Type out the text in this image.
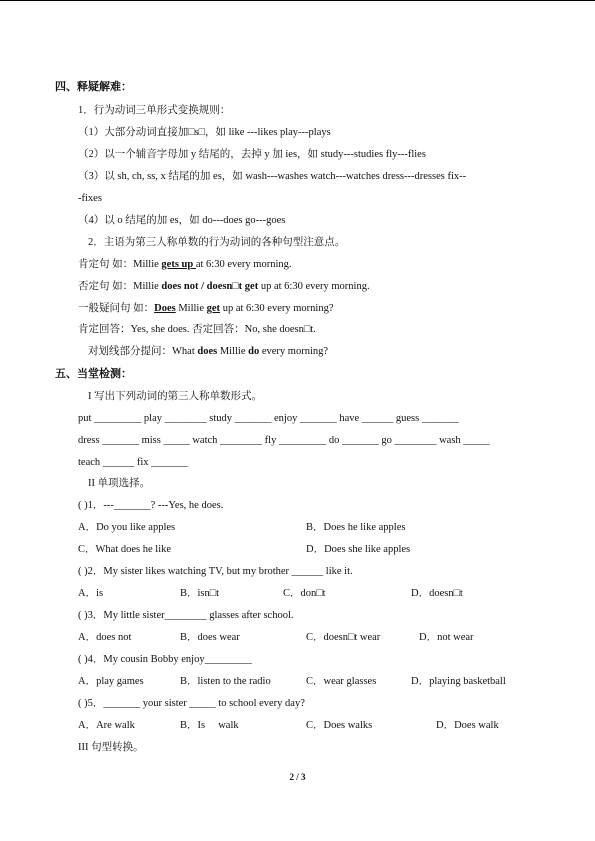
四、释疑解难：
1．行为动词三单形式变换规则：
（1）大部分动词直接加□s□，如 like ---likes play---plays
（2）以一个辅音字母加 y 结尾的，去掉 y 加 ies，如 study---studies fly---flies
（3）以 sh, ch, ss, x 结尾的加 es，如 wash---washes watch---watches dress---dresses fix--
-fixes
（4）以 o 结尾的加 es，如 do---does go---goes
2．主语为第三人称单数的行为动词的各种句型注意点。
肯定句 如：Millie gets up at 6:30 every morning.
否定句 如：Millie does not / doesn□t get up at 6:30 every morning.
一般疑问句 如：Does Millie get up at 6:30 every morning?
肯定回答：Yes, she does. 否定回答：No, she doesn□t.
对划线部分提问：What does Millie do every morning?
五、当堂检测：
I 写出下列动词的第三人称单数形式。
put _________ play ________ study _______ enjoy _______ have ______ guess _______
dress _______ miss _____ watch ________ fly _________ do _______ go ________ wash _____
teach ______ fix _______
II 单项选择。
( )1．---_______? ---Yes, he does.
A．Do you like apples	B．Does he like apples
C．What does he like	D．Does she like apples
( )2．My sister likes watching TV, but my brother ______ like it.
A．is	B．isn□t	C．don□t	D．doesn□t
( )3．My little sister________ glasses after school.
A．does not	B．does wear	C．doesn□t wear	D．not wear
( )4．My cousin Bobby enjoy_________
A．play games	B．listen to the radio	C．wear glasses	D．playing basketball
( )5．_______ your sister _____ to school every day?
A．Are walk	B．Is     walk	C．Does walks	D．Does walk
III 句型转换。
2 / 3
